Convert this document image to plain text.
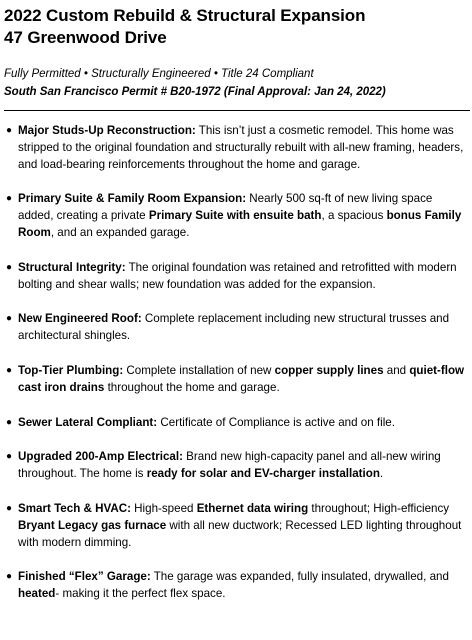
2022 Custom Rebuild & Structural Expansion
47 Greenwood Drive
Fully Permitted • Structurally Engineered • Title 24 Compliant
South San Francisco Permit # B20-1972 (Final Approval: Jan 24, 2022)
● Major Studs-Up Reconstruction: This isn’t just a cosmetic remodel. This home was stripped to the original foundation and structurally rebuilt with all-new framing, headers, and load-bearing reinforcements throughout the home and garage.
● Primary Suite & Family Room Expansion: Nearly 500 sq-ft of new living space added, creating a private Primary Suite with ensuite bath, a spacious bonus Family Room, and an expanded garage.
● Structural Integrity: The original foundation was retained and retrofitted with modern bolting and shear walls; new foundation was added for the expansion.
● New Engineered Roof: Complete replacement including new structural trusses and architectural shingles.
● Top-Tier Plumbing: Complete installation of new copper supply lines and quiet-flow cast iron drains throughout the home and garage.
● Sewer Lateral Compliant: Certificate of Compliance is active and on file.
● Upgraded 200-Amp Electrical: Brand new high-capacity panel and all-new wiring throughout. The home is ready for solar and EV-charger installation.
● Smart Tech & HVAC: High-speed Ethernet data wiring throughout; High-efficiency Bryant Legacy gas furnace with all new ductwork; Recessed LED lighting throughout with modern dimming.
● Finished “Flex” Garage: The garage was expanded, fully insulated, drywalled, and heated- making it the perfect flex space.
